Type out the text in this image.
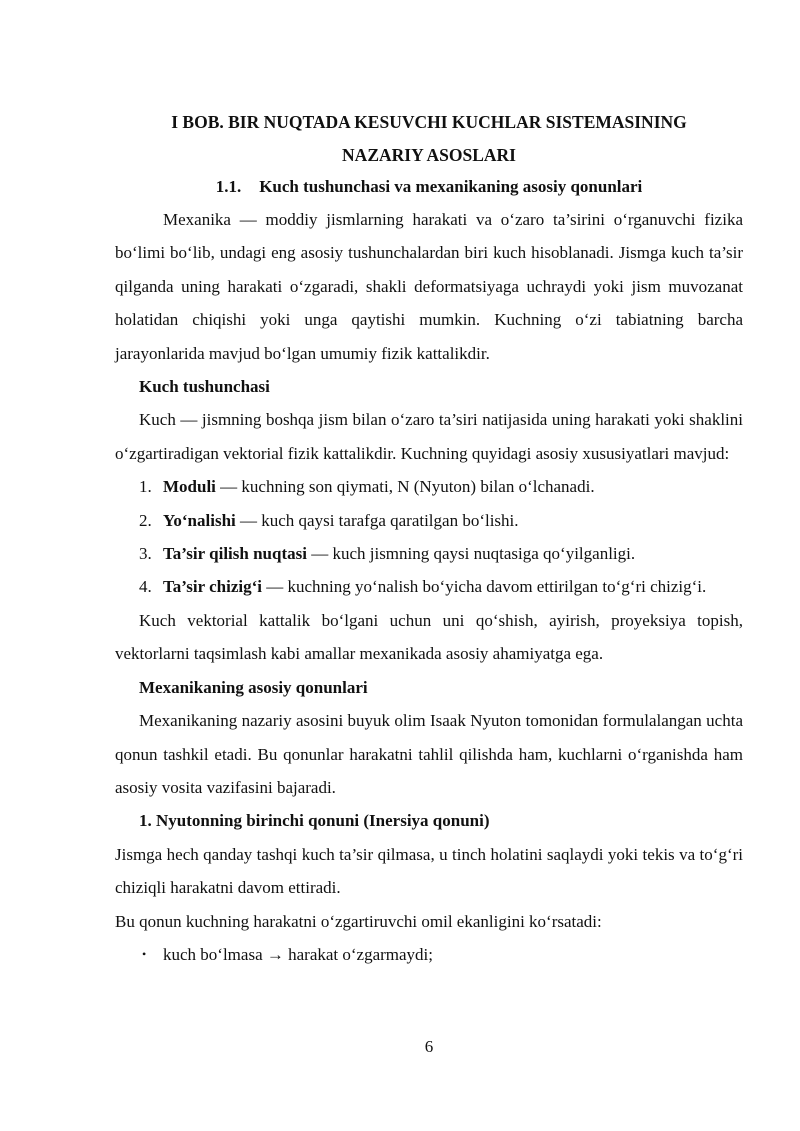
I BOB. BIR NUQTADA KESUVCHI KUCHLAR SISTEMASINING
NAZARIY ASOSLARI
1.1. Kuch tushunchasi va mexanikaning asosiy qonunlari

Mexanika — moddiy jismlarning harakati va o‘zaro ta’sirini o‘rganuvchi fizika bo‘limi bo‘lib, undagi eng asosiy tushunchalardan biri kuch hisoblanadi. Jismga kuch ta’sir qilganda uning harakati o‘zgaradi, shakli deformatsiyaga uchraydi yoki jism muvozanat holatidan chiqishi yoki unga qaytishi mumkin. Kuchning o‘zi tabiatning barcha jarayonlarida mavjud bo‘lgan umumiy fizik kattalikdir.

Kuch tushunchasi

Kuch — jismning boshqa jism bilan o‘zaro ta’siri natijasida uning harakati yoki shaklini o‘zgartiradigan vektorial fizik kattalikdir. Kuchning quyidagi asosiy xususiyatlari mavjud:

1. Moduli — kuchning son qiymati, N (Nyuton) bilan o‘lchanadi.
2. Yo‘nalishi — kuch qaysi tarafga qaratilgan bo‘lishi.
3. Ta’sir qilish nuqtasi — kuch jismning qaysi nuqtasiga qo‘yilganligi.
4. Ta’sir chizig‘i — kuchning yo‘nalish bo‘yicha davom ettirilgan to‘g‘ri chizig‘i.

Kuch vektorial kattalik bo‘lgani uchun uni qo‘shish, ayirish, proyeksiya topish, vektorlarni taqsimlash kabi amallar mexanikada asosiy ahamiyatga ega.

Mexanikaning asosiy qonunlari

Mexanikaning nazariy asosini buyuk olim Isaak Nyuton tomonidan formulalangan uchta qonun tashkil etadi. Bu qonunlar harakatni tahlil qilishda ham, kuchlarni o‘rganishda ham asosiy vosita vazifasini bajaradi.

1. Nyutonning birinchi qonuni (Inersiya qonuni)

Jismga hech qanday tashqi kuch ta’sir qilmasa, u tinch holatini saqlaydi yoki tekis va to‘g‘ri chiziqli harakatni davom ettiradi.

Bu qonun kuchning harakatni o‘zgartiruvchi omil ekanligini ko‘rsatadi:

• kuch bo‘lmasa → harakat o‘zgarmaydi;
6
